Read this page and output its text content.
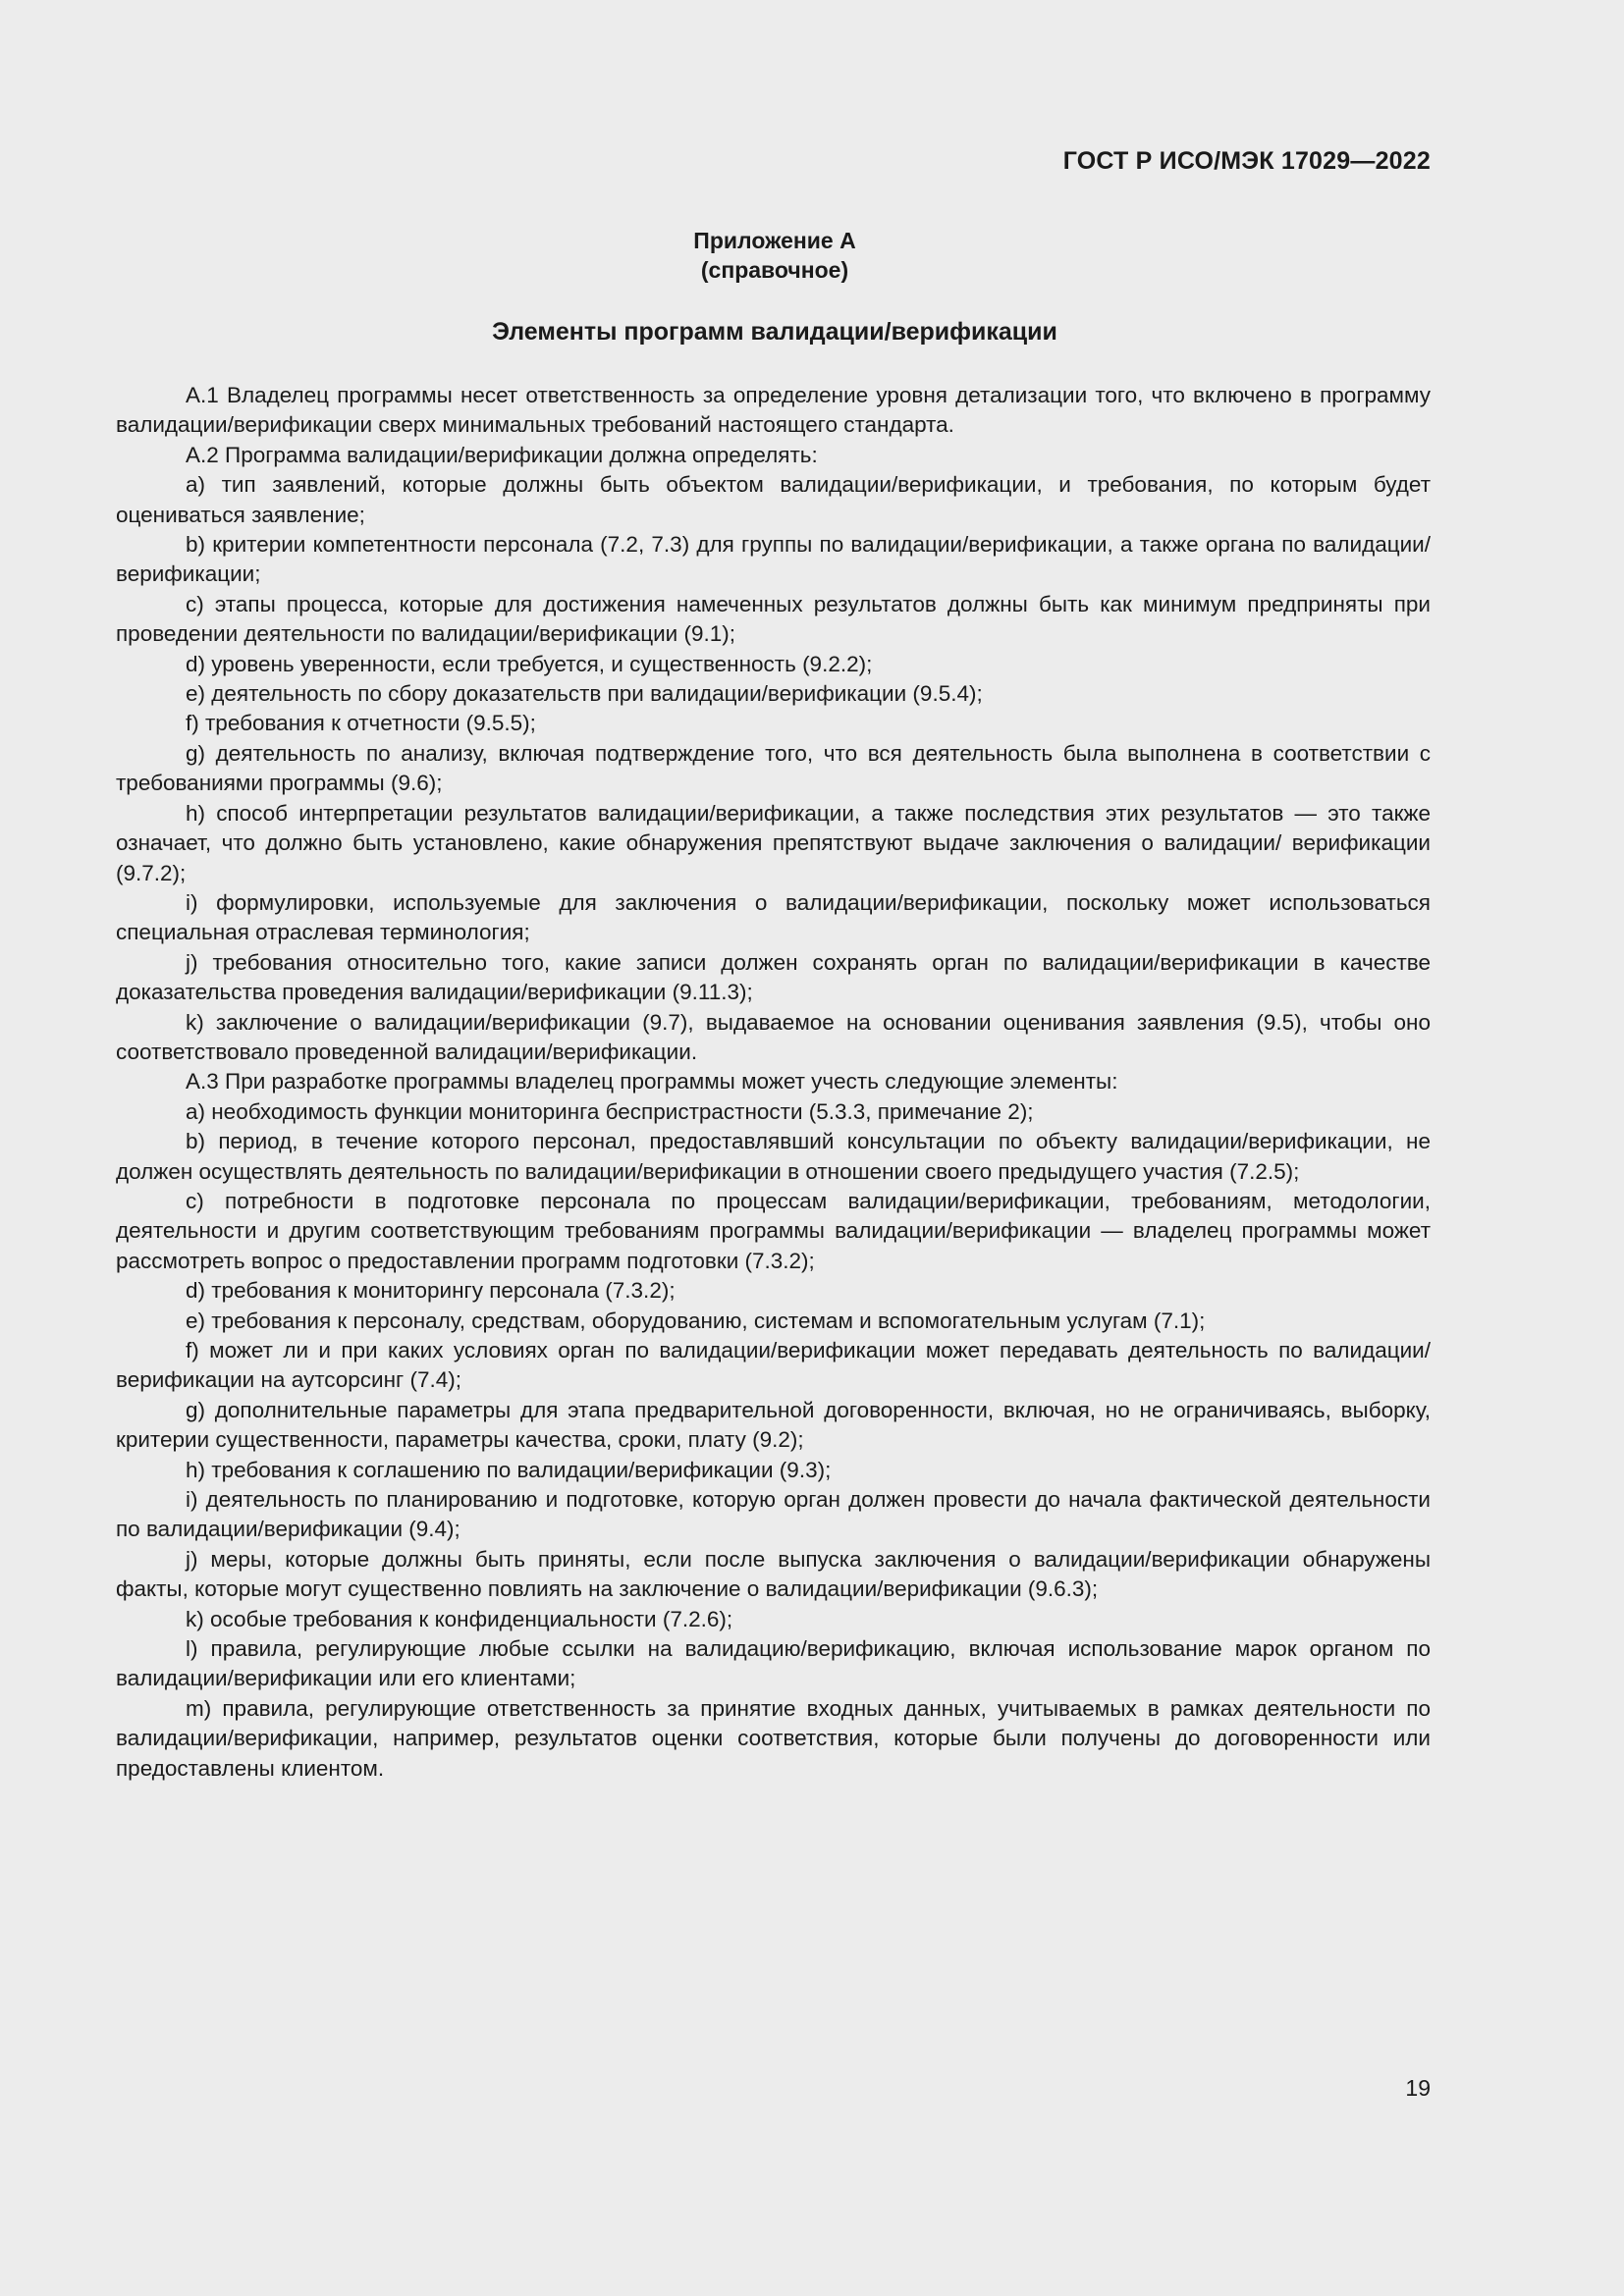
ГОСТ Р ИСО/МЭК 17029—2022
Приложение А
(справочное)
Элементы программ валидации/верификации

А.1 Владелец программы несет ответственность за определение уровня детализации того, что включено в программу валидации/верификации сверх минимальных требований настоящего стандарта.

А.2 Программа валидации/верификации должна определять:

а) тип заявлений, которые должны быть объектом валидации/верификации, и требования, по которым будет оцениваться заявление;

b) критерии компетентности персонала (7.2, 7.3) для группы по валидации/верификации, а также органа по валидации/верификации;

с) этапы процесса, которые для достижения намеченных результатов должны быть как минимум предприняты при проведении деятельности по валидации/верификации (9.1);

d) уровень уверенности, если требуется, и существенность (9.2.2);

е) деятельность по сбору доказательств при валидации/верификации (9.5.4);

f) требования к отчетности (9.5.5);

g) деятельность по анализу, включая подтверждение того, что вся деятельность была выполнена в соответствии с требованиями программы (9.6);

h) способ интерпретации результатов валидации/верификации, а также последствия этих результатов — это также означает, что должно быть установлено, какие обнаружения препятствуют выдаче заключения о валидации/ верификации (9.7.2);

i) формулировки, используемые для заключения о валидации/верификации, поскольку может использоваться специальная отраслевая терминология;

j) требования относительно того, какие записи должен сохранять орган по валидации/верификации в качестве доказательства проведения валидации/верификации (9.11.3);

k) заключение о валидации/верификации (9.7), выдаваемое на основании оценивания заявления (9.5), чтобы оно соответствовало проведенной валидации/верификации.

А.3 При разработке программы владелец программы может учесть следующие элементы:

а) необходимость функции мониторинга беспристрастности (5.3.3, примечание 2);

b) период, в течение которого персонал, предоставлявший консультации по объекту валидации/верификации, не должен осуществлять деятельность по валидации/верификации в отношении своего предыдущего участия (7.2.5);

с) потребности в подготовке персонала по процессам валидации/верификации, требованиям, методологии, деятельности и другим соответствующим требованиям программы валидации/верификации — владелец программы может рассмотреть вопрос о предоставлении программ подготовки (7.3.2);

d) требования к мониторингу персонала (7.3.2);

е) требования к персоналу, средствам, оборудованию, системам и вспомогательным услугам (7.1);

f) может ли и при каких условиях орган по валидации/верификации может передавать деятельность по валидации/верификации на аутсорсинг (7.4);

g) дополнительные параметры для этапа предварительной договоренности, включая, но не ограничиваясь, выборку, критерии существенности, параметры качества, сроки, плату (9.2);

h) требования к соглашению по валидации/верификации (9.3);

i) деятельность по планированию и подготовке, которую орган должен провести до начала фактической деятельности по валидации/верификации (9.4);

j) меры, которые должны быть приняты, если после выпуска заключения о валидации/верификации обнаружены факты, которые могут существенно повлиять на заключение о валидации/верификации (9.6.3);

k) особые требования к конфиденциальности (7.2.6);

l) правила, регулирующие любые ссылки на валидацию/верификацию, включая использование марок органом по валидации/верификации или его клиентами;

m) правила, регулирующие ответственность за принятие входных данных, учитываемых в рамках деятельности по валидации/верификации, например, результатов оценки соответствия, которые были получены до договоренности или предоставлены клиентом.

19
